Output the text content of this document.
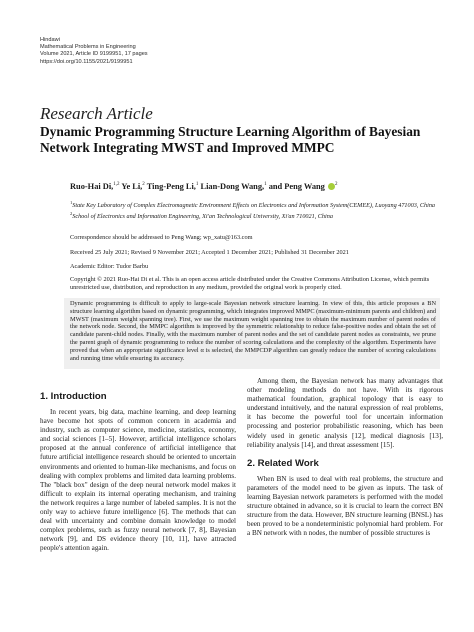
Hindawi
Mathematical Problems in Engineering
Volume 2021, Article ID 9199951, 17 pages
https://doi.org/10.1155/2021/9199951
Research Article
Dynamic Programming Structure Learning Algorithm of Bayesian Network Integrating MWST and Improved MMPC
Ruo-Hai Di,$^{1,2}$ Ye Li,$^2$ Ting-Peng Li,$^1$ Lian-Dong Wang,$^1$ and Peng Wang $^2$
$^1$State Key Laboratory of Complex Electromagnetic Environment Effects on Electronics and Information System(CEMEE), Luoyang 471003, China
$^2$School of Electronics and Information Engineering, Xi'an Technological University, Xi'an 710021, China
Correspondence should be addressed to Peng Wang; wp_xatu@163.com
Received 25 July 2021; Revised 9 November 2021; Accepted 1 December 2021; Published 31 December 2021
Academic Editor: Tudor Barbu
Copyright © 2021 Ruo-Hai Di et al. This is an open access article distributed under the Creative Commons Attribution License, which permits unrestricted use, distribution, and reproduction in any medium, provided the original work is properly cited.
Dynamic programming is difficult to apply to large-scale Bayesian network structure learning. In view of this, this article proposes a BN structure learning algorithm based on dynamic programming, which integrates improved MMPC (maximum-minimum parents and children) and MWST (maximum weight spanning tree). First, we use the maximum weight spanning tree to obtain the maximum number of parent nodes of the network node. Second, the MMPC algorithm is improved by the symmetric relationship to reduce false-positive nodes and obtain the set of candidate parent-child nodes. Finally, with the maximum number of parent nodes and the set of candidate parent nodes as constraints, we prune the parent graph of dynamic programming to reduce the number of scoring calculations and the complexity of the algorithm. Experiments have proved that when an appropriate significance level α is selected, the MMPCDP algorithm can greatly reduce the number of scoring calculations and running time while ensuring its accuracy.
1. Introduction
In recent years, big data, machine learning, and deep learning have become hot spots of common concern in academia and industry, such as computer science, medicine, statistics, economy, and social sciences [1–5]. However, artificial intelligence scholars proposed at the annual conference of artificial intelligence that future artificial intelligence research should be oriented to uncertain environments and oriented to human-like mechanisms, and focus on dealing with complex problems and limited data learning problems. The "black box" design of the deep neural network model makes it difficult to explain its internal operating mechanism, and training the network requires a large number of labeled samples. It is not the only way to achieve future intelligence [6]. The methods that can deal with uncertainty and combine domain knowledge to model complex problems, such as fuzzy neural network [7, 8], Bayesian network [9], and DS evidence theory [10, 11], have attracted people's attention again.
Among them, the Bayesian network has many advantages that other modeling methods do not have. With its rigorous mathematical foundation, graphical topology that is easy to understand intuitively, and the natural expression of real problems, it has become the powerful tool for uncertain information processing and posterior probabilistic reasoning, which has been widely used in genetic analysis [12], medical diagnosis [13], reliability analysis [14], and threat assessment [15].
2. Related Work
When BN is used to deal with real problems, the structure and parameters of the model need to be given as inputs. The task of learning Bayesian network parameters is performed with the model structure obtained in advance, so it is crucial to learn the correct BN structure from the data. However, BN structure learning (BNSL) has been proved to be a nondeterministic polynomial hard problem. For a BN network with n nodes, the number of possible structures is
